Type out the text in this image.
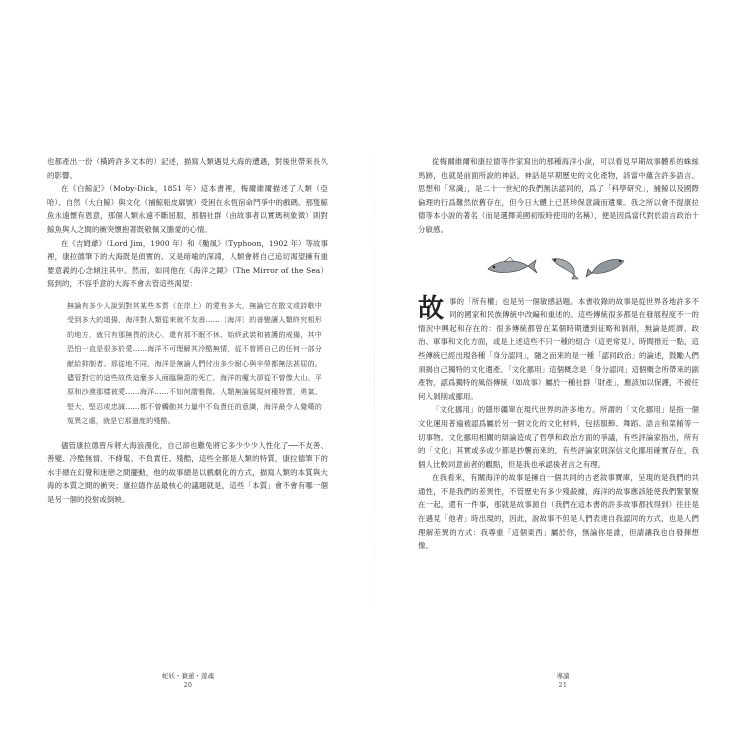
也都產出一份（橫跨許多文本的）記述，描寫人類遇見大海的遭遇，對後世帶來長久的影響。

在《白鯨記》（Moby-Dick，1851 年）這本書裡，梅爾維爾描述了人類（亞哈）、自然（大白鯨）與文化（捕鯨船皮廓號）受困在永恆宿命鬥爭中的戲碼。那隻鯨魚永遠懷有恩意，那個人類永遠不斷屈服，那個社群（由故事者以實瑪利象徵）則對鯨魚與人之間的衝突懷抱著既敬佩又膽愛的心情。

在《吉姆爺》（Lord Jim，1900 年）和《颱風》（Typhoon，1902 年）等故事裡，康拉德筆下的大海既是偵實的、又是暗喻的深淵，人類會將自己追切渴望擁有重要意義的心念傾注其中。然而，如同他在《海洋之鏡》（The Mirror of the Sea）寫到的，不容乎意的大海不會去管這些渴望：

無論有多少人說到對其某些本質（在岸上）的愛有多大，無論它在散文或詩歌中受到多大的頌揚，海洋對人類從來就不友善……〔海洋〕的善變讓人類終究相形的地方，就只有那無畏的決心，還有那不眠不休、始終武裝和被護的戒備，其中恐怕一直是很多於愛……海洋不可理解其冷酷無情，從不曾將自己的任何一部分献給抑制者。那從地不同，海洋是無論人們付出多少耐心與辛勞都無法甚屈的。儘管對它的這些故佚這麼多人面臨險惡的死亡，海洋的魔大卻從不曾像大山、平原和沙漠那樣被愛……海洋……不如何謂雅微。人類無論展現何種特質，勇氣、堅大、堅忍或忠誠……都不曾觸動其力量中不負責任的意識，海洋最令人覺嘆的冤異之處，就是它那過度的殘酷。

儘管康拉德曾斥將大海浪漫化，自己卻也難免將它多少少少人性化了──不友善、善變、冷酷無情、不條髦、不負責任、殘酷，這些全都是人類的特質，康拉德筆下的水手總在幻覺和迷戀之間擺動，他的故事總是以戲劇化的方式，描寫人類的本質與大海的本質之間的衝突；康拉德作品最核心的議題就是，這些「本質」會不會有哪一個是另一個的投射或倒映。

蛇妖・賽蓮・遊魂
20

從梅爾維爾和康拉德等作家寫出的那種海洋小說，可以看見早期故事體系的蛛絲馬跡，也就是前面所說的神話。神話是早期歷史的文化產物，該當中蘊含許多語言、思想和「常識」，是二十一世紀的我們無法認同的，爲了「科學研究」，捕鯨以及國際倫理的行爲難然依舊存在，但今日大體上已甚珍保意識而遺棄。我之所以會不提康拉德等本小說的著名（而是選擇美國初版時使用的名稱），便是因爲當代對於語言政治十分敏感。

故事的「所有權」也是另一個敏感話題。本書收錄的故事是從世界各地許多不同的國家和民族傳統中改編和重述的。這些傳統很多都是在發展程度不一的情況中興起和存在的：很多傳統都曾在某個時期遭到征略和剝削，無論是經濟、政治、軍事和文化方面，或是上述這些不只一種的組合（這更常見）。時間推近一點，這些傳統已經出現各種「身分認同」，隨之而來的是一種「認同政治」的論述，鼓勵人們須揭自己獨特的文化遺產。「文化挪用」這個概念是「身分認同」這個概念所帶來的副產物，認爲獨特的風俗傳統（如故事）屬於一種社群「財產」，應該加以保護，不被任何人剝削或挪用。

「文化挪用」的隱形疆單在現代世界的許多地方。所謂的「文化挪用」是指一個文化運用普遍被認爲屬於另一個文化的文化材料，包括服飾、舞蹈、語言和菜餚等一切事物。文化挪用相關的辯論造成了哲學和政治方面的爭議，有些評論家指出，所有的「文化」其實或多或少都是抄襲而來的，有些評論家則深信文化挪用確實存在，我個人比較同意前者的觀點，但是我也承認後者言之有理。

在我看來，有關海洋的故事是擁自一個共同的古老敘事寶庫，呈現的是我們的共通性，不是我們的差異性，不管歷史有多少殘殺據，海洋的故事應該能使我們緊緊聚在一起，還有一件事，那就是故事源自（我們在這本書的許多故事都找得到）往往是在遇見「他者」時出現的，因此，說故事不但是人們表達自我認同的方式，也是人們理解差異的方式：我尊重「這個東西」屬於你，無論你是誰，但請讓我也自發揮想像。

導讀
21
